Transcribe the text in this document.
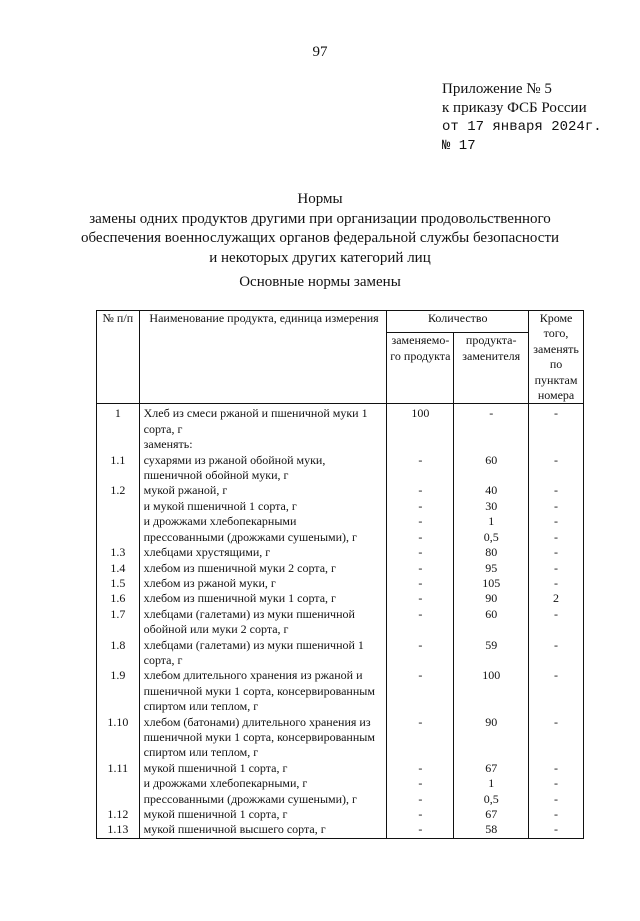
97
Приложение № 5
к приказу ФСБ России
от 17 января 2024г.
№ 17
Нормы
замены одних продуктов другими при организации продовольственного
обеспечения военнослужащих органов федеральной службы безопасности
и некоторых других категорий лиц
Основные нормы замены
№ п/п	Наименование продукта, единица измерения	Количество		Кроме того, заменять по пунктам номера
		заменяемо-го продукта	продукта-заменителя	
1	Хлеб из смеси ржаной и пшеничной муки 1 сорта, г	100	-	-
	заменять:			
1.1	сухарями из ржаной обойной муки, пшеничной обойной муки, г	-	60	-
1.2	мукой ржаной, г	-	40	-
	и мукой пшеничной 1 сорта, г	-	30	-
	и дрожжами хлебопекарными	-	1	-
	прессованными (дрожжами сушеными), г	-	0,5	-
1.3	хлебцами хрустящими, г	-	80	-
1.4	хлебом из пшеничной муки 2 сорта, г	-	95	-
1.5	хлебом из ржаной муки, г	-	105	-
1.6	хлебом из пшеничной муки 1 сорта, г	-	90	2
1.7	хлебцами (галетами) из муки пшеничной обойной или муки 2 сорта, г	-	60	-
1.8	хлебцами (галетами) из муки пшеничной 1 сорта, г	-	59	-
1.9	хлебом длительного хранения из ржаной и пшеничной муки 1 сорта, консервированным спиртом или теплом, г	-	100	-
1.10	хлебом (батонами) длительного хранения из пшеничной муки 1 сорта, консервированным спиртом или теплом, г	-	90	-
1.11	мукой пшеничной 1 сорта, г	-	67	-
	и дрожжами хлебопекарными, г	-	1	-
	прессованными (дрожжами сушеными), г	-	0,5	-
1.12	мукой пшеничной 1 сорта, г	-	67	-
1.13	мукой пшеничной высшего сорта, г	-	58	-
